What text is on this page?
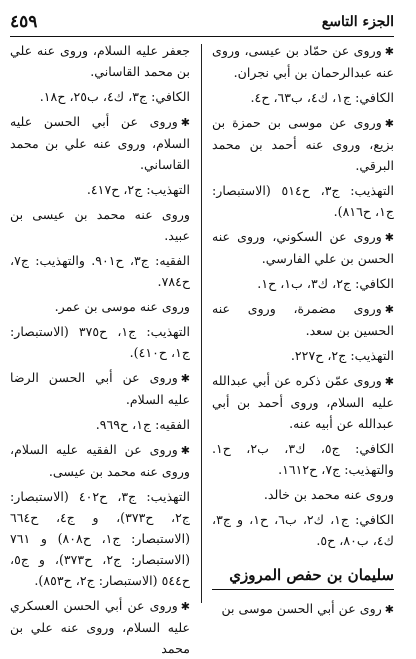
الجزء التاسع
٤٥٩

✱وروى عن حمّاد بن عيسى، وروى عنه عبدالرحمان بن أبي نجران.

الكافي: ج١، ك٤، ب٦٣، ح٤.

✱وروى عن موسى بن حمزة بن بزيع، وروى عنه أحمد بن محمد البرقي.

التهذيب: ج٣، ح٥١٤ (الاستبصار: ج١، ح٨١٦).

✱وروى عن السكوني، وروى عنه الحسن بن علي الفارسي.

الكافي: ج٢، ك٣، ب١، ح١.

✱وروى مضمرة، وروى عنه الحسين بن سعد.

التهذيب: ج٢، ح٢٢٧.

✱وروى عمّن ذكره عن أبي عبدالله عليه السلام، وروى أحمد بن أبي عبدالله عن أبيه عنه.

الكافي: ج٥، ك٣، ب٢، ح١. والتهذيب: ج٧، ح١٦١٢.

وروى عنه محمد بن خالد.

الكافي: ج١، ك٢، ب٦، ح١، و ج٣، ك٤، ب٨٠، ح٥.

سليمان بن حفص المروزي

✱روى عن أبي الحسن موسى بن

جعفر عليه السلام، وروى عنه علي بن محمد القاساني.

الكافي: ج٣، ك٤، ب٢٥، ح١٨.

✱وروى عن أبي الحسن عليه السلام، وروى عنه علي بن محمد القاساني.

التهذيب: ج٢، ح٤١٧.

وروى عنه محمد بن عيسى بن عبيد.

الفقيه: ج٣، ح٩٠١. والتهذيب: ج٧، ح٧٨٤.

وروى عنه موسى بن عمر.

التهذيب: ج١، ح٣٧٥ (الاستبصار: ج١، ح٤١٠).

✱وروى عن أبي الحسن الرضا عليه السلام.

الفقيه: ج١، ح٩٦٩.

✱وروى عن الفقيه عليه السلام، وروى عنه محمد بن عيسى.

التهذيب: ج٣، ح٤٠٢ (الاستبصار: ج٢، ح٣٧٣)، و ج٤، ح٦٦٤ (الاستبصار: ج١، ح٨٠٨) و ٧٦١ (الاستبصار: ج٢، ح٣٧٣)، و ج٥، ح٥٤٤ (الاستبصار: ج٢، ح٨٥٣).

✱وروى عن أبي الحسن العسكري عليه السلام، وروى عنه علي بن محمد
